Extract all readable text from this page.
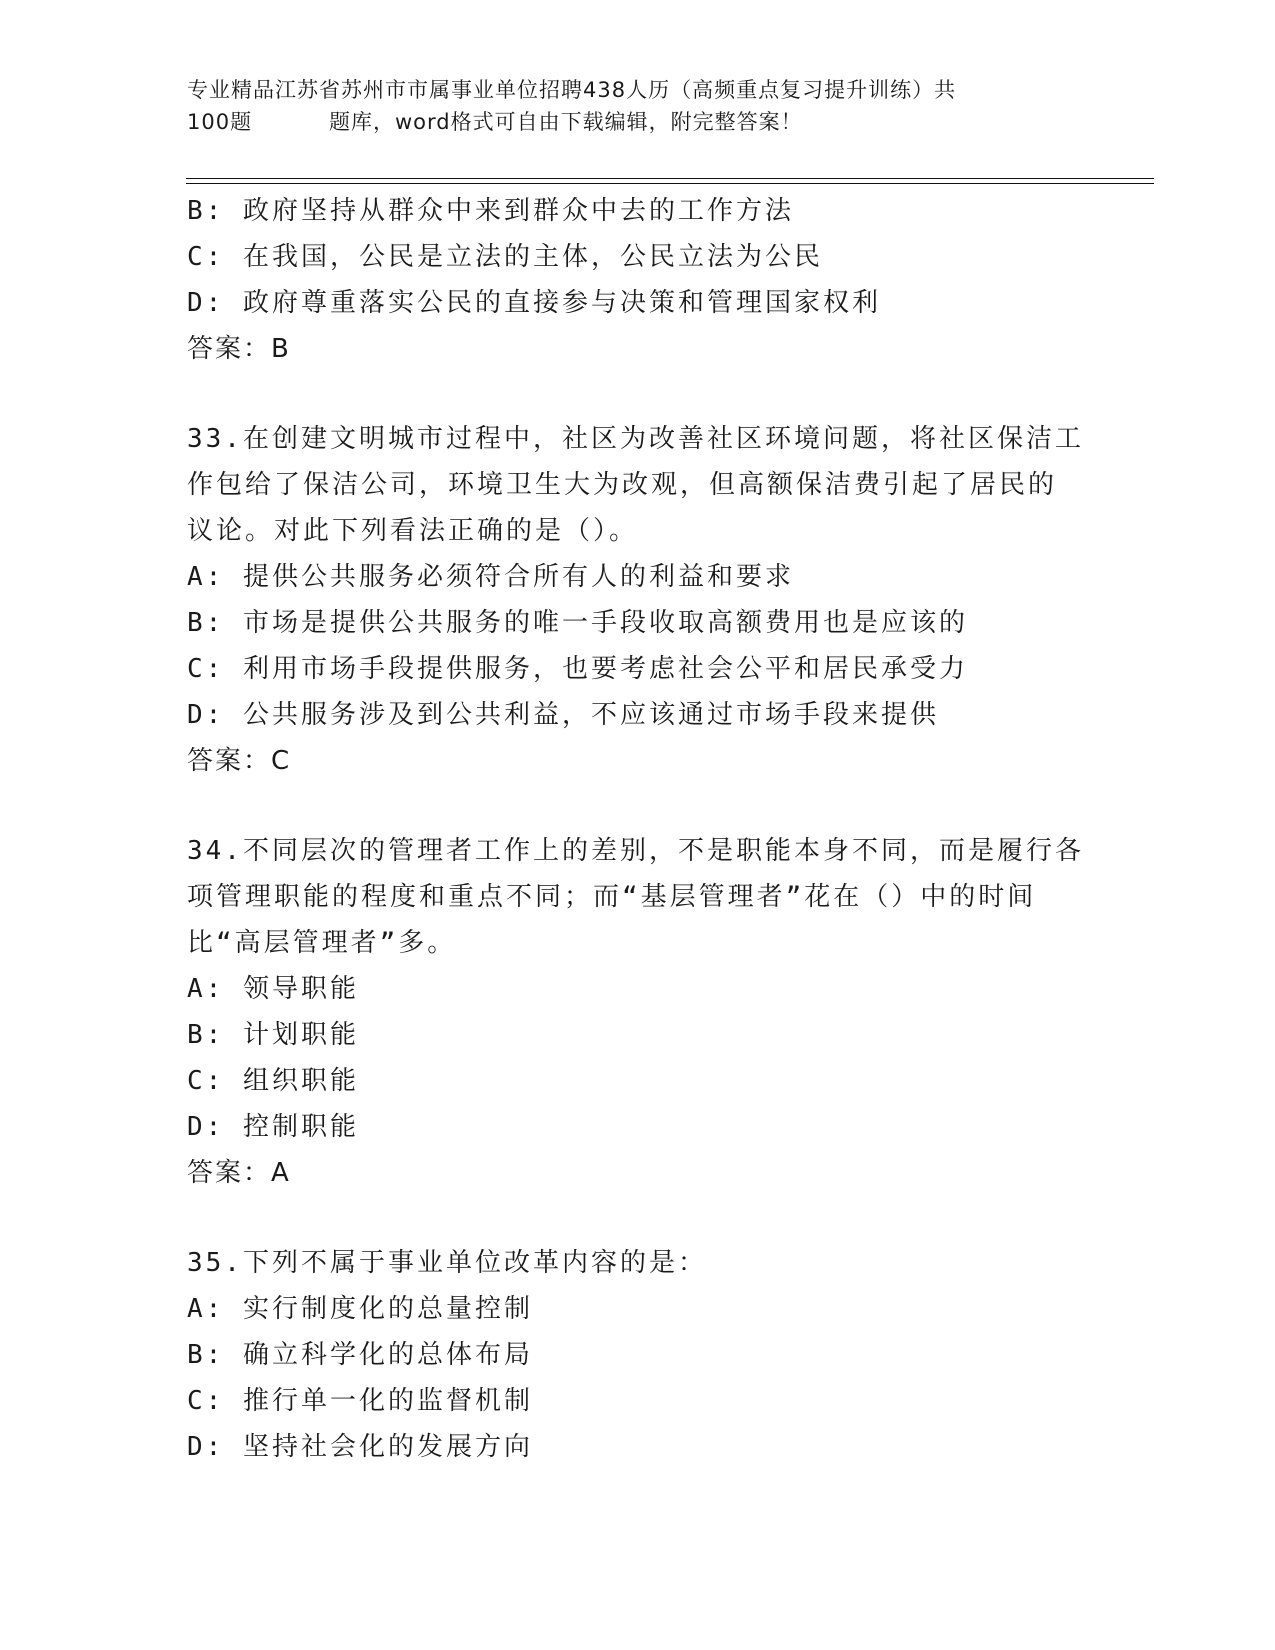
专业精品江苏省苏州市市属事业单位招聘438人历（高频重点复习提升训练）共
100题	题库，word格式可自由下载编辑，附完整答案！
B: 政府坚持从群众中来到群众中去的工作方法
C: 在我国，公民是立法的主体，公民立法为公民
D: 政府尊重落实公民的直接参与决策和管理国家权利
答案：B
33.在创建文明城市过程中，社区为改善社区环境问题，将社区保洁工
作包给了保洁公司，环境卫生大为改观，但高额保洁费引起了居民的
议论。对此下列看法正确的是（）。
A: 提供公共服务必须符合所有人的利益和要求
B: 市场是提供公共服务的唯一手段收取高额费用也是应该的
C: 利用市场手段提供服务，也要考虑社会公平和居民承受力
D: 公共服务涉及到公共利益，不应该通过市场手段来提供
答案：C
34.不同层次的管理者工作上的差别，不是职能本身不同，而是履行各
项管理职能的程度和重点不同；而“基层管理者”花在（）中的时间
比“高层管理者”多。
A: 领导职能
B: 计划职能
C: 组织职能
D: 控制职能
答案：A
35.下列不属于事业单位改革内容的是：
A: 实行制度化的总量控制
B: 确立科学化的总体布局
C: 推行单一化的监督机制
D: 坚持社会化的发展方向
